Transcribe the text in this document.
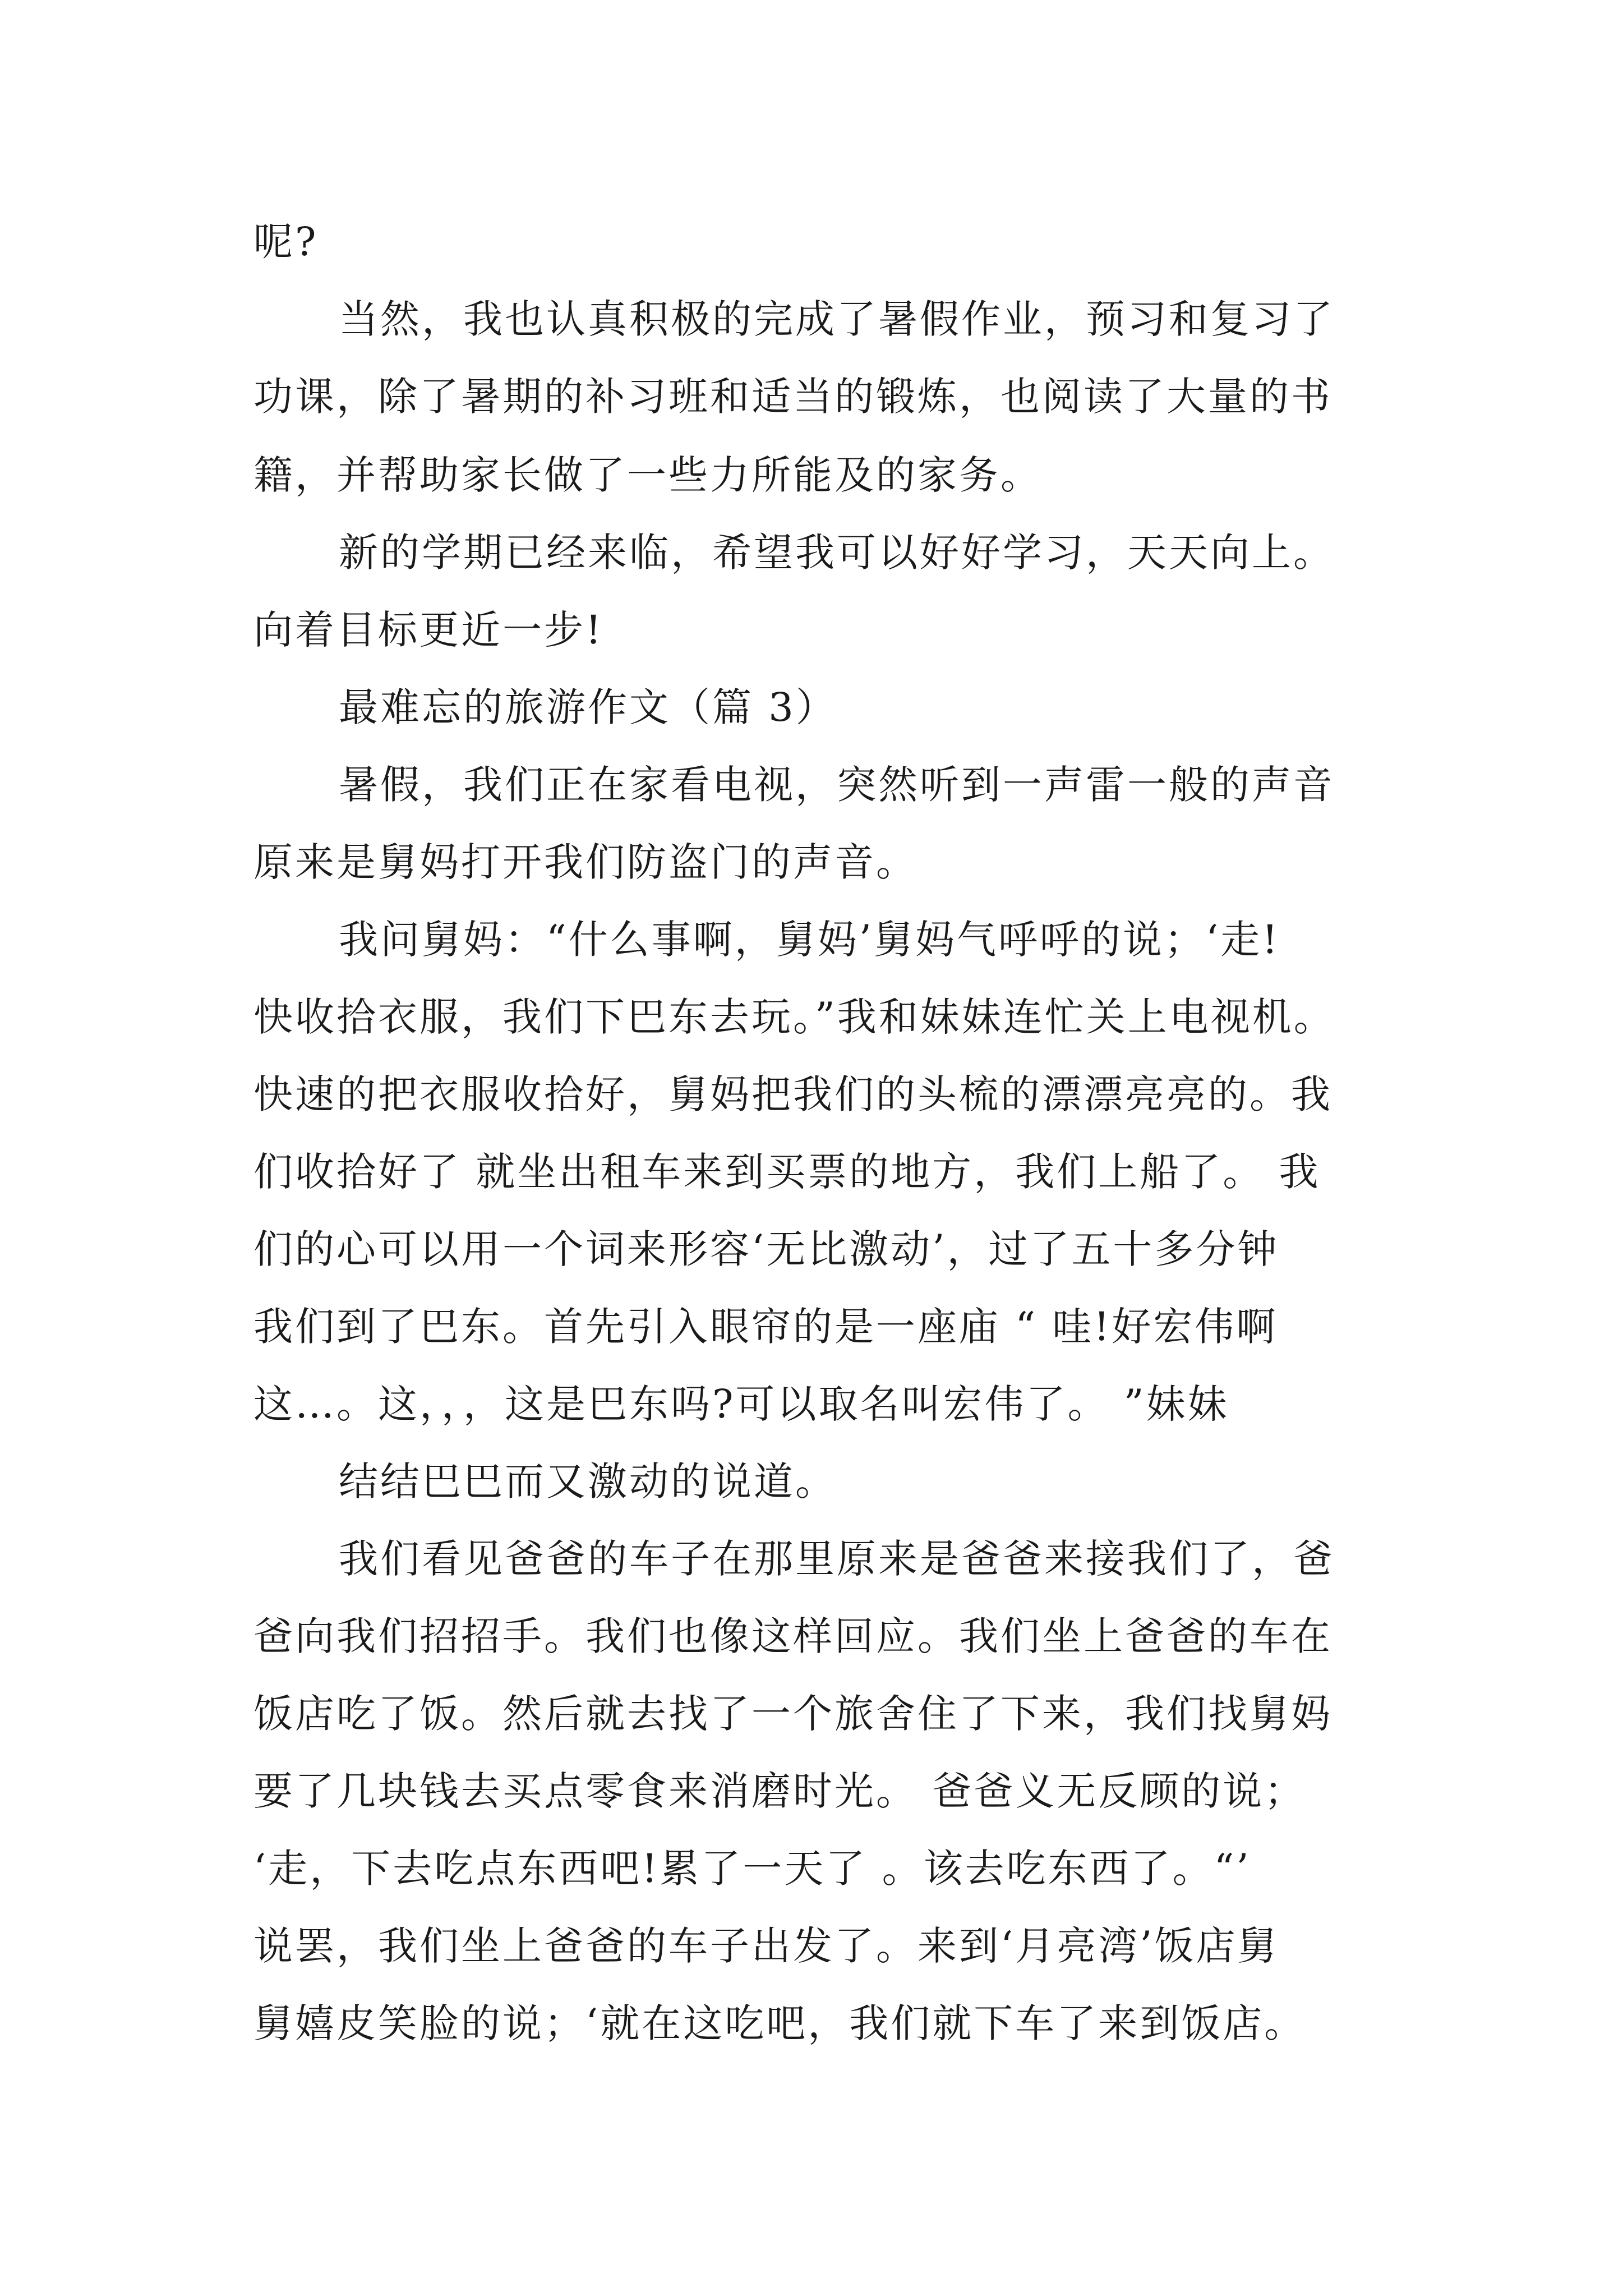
呢?
当然，我也认真积极的完成了暑假作业，预习和复习了
功课，除了暑期的补习班和适当的锻炼，也阅读了大量的书
籍，并帮助家长做了一些力所能及的家务。
新的学期已经来临，希望我可以好好学习，天天向上。
向着目标更近一步!
最难忘的旅游作文（篇 3）
暑假，我们正在家看电视，突然听到一声雷一般的声音
原来是舅妈打开我们防盗门的声音。
我问舅妈：“什么事啊，舅妈’舅妈气呼呼的说；‘走!
快收拾衣服，我们下巴东去玩。”我和妹妹连忙关上电视机。
快速的把衣服收拾好，舅妈把我们的头梳的漂漂亮亮的。我
们收拾好了 就坐出租车来到买票的地方，我们上船了。 我
们的心可以用一个词来形容‘无比激动’，过了五十多分钟
我们到了巴东。首先引入眼帘的是一座庙 “ 哇!好宏伟啊
这…。这，，，这是巴东吗?可以取名叫宏伟了。 ”妹妹
结结巴巴而又激动的说道。
我们看见爸爸的车子在那里原来是爸爸来接我们了，爸
爸向我们招招手。我们也像这样回应。我们坐上爸爸的车在
饭店吃了饭。然后就去找了一个旅舍住了下来，我们找舅妈
要了几块钱去买点零食来消磨时光。 爸爸义无反顾的说；
‘走，下去吃点东西吧!累了一天了 。该去吃东西了。“’
说罢，我们坐上爸爸的车子出发了。来到‘月亮湾’饭店舅
舅嬉皮笑脸的说；‘就在这吃吧，我们就下车了来到饭店。
